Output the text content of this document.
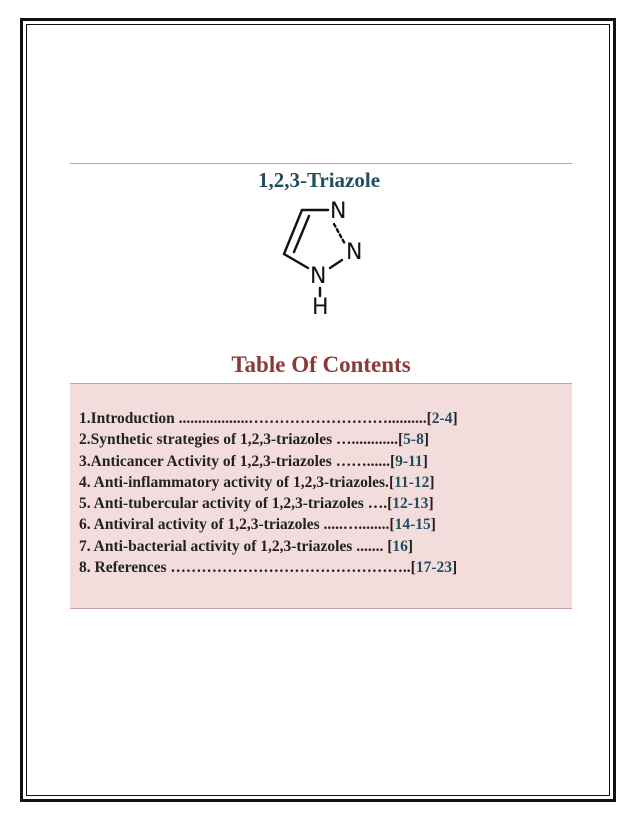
1,2,3-Triazole
N
N
N
H
Table Of Contents
1.Introduction ..................………………………..........[2-4]
2.Synthetic strategies of 1,2,3-triazoles …............[5-8]
3.Anticancer Activity of 1,2,3-triazoles ……......[9-11]
4. Anti-inflammatory activity of 1,2,3-triazoles.[11-12]
5. Anti-tubercular activity of 1,2,3-triazoles ….[12-13]
6. Antiviral activity of 1,2,3-triazoles .....…........[14-15]
7. Anti-bacterial activity of 1,2,3-triazoles ....... [16]
8. References ………………………………………..[17-23]
